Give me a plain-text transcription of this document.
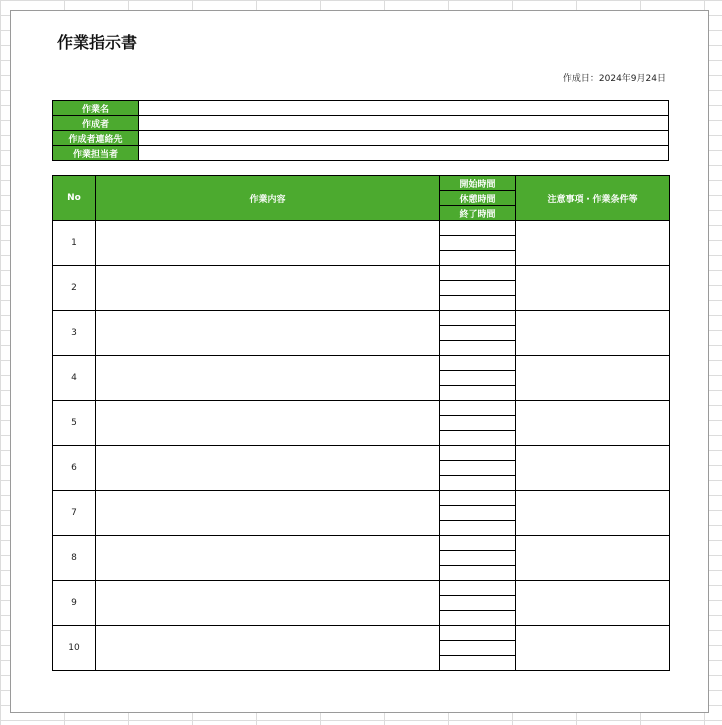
作業指示書
作成日：2024年9月24日
作業名	
作成者	
作成者連絡先	
作業担当者	
No	作業内容	開始時間	注意事項・作業条件等
		休憩時間	
		終了時間	
1			

2			

3			

4			

5			

6			

7			

8			

9			

10			
